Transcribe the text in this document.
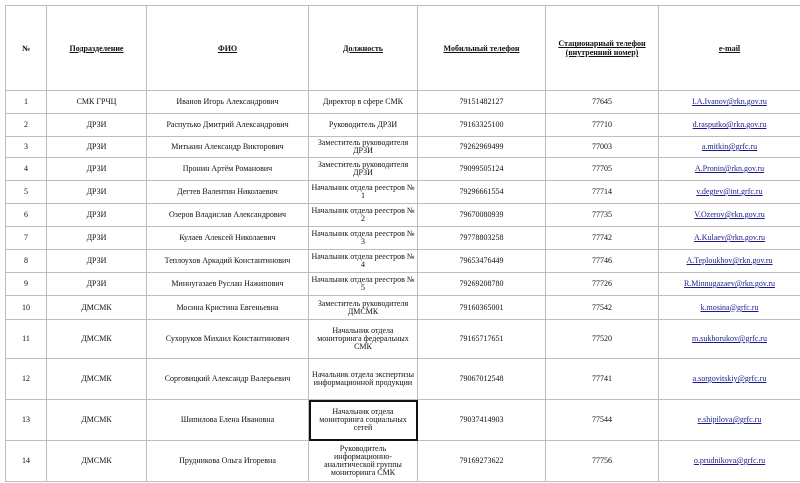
№	Подразделение	ФИО	Должность	Мобильный телефон	Стационарный телефон (внутренний номер)	e-mail
1	СМК ГРЧЦ	Иванов Игорь Александрович	Директор в сфере СМК	79151482127	77645	I.A.Ivanov@rkn.gov.ru
2	ДРЗИ	Распутько Дмитрий Александрович	Руководитель ДРЗИ	79163325100	77710	d.rasputko@rkn.gov.ru
3	ДРЗИ	Митькин Александр Викторович	Заместитель руководителя ДРЗИ	79262969499	77003	a.mitkin@grfc.ru
4	ДРЗИ	Пронин Артём Романович	Заместитель руководителя ДРЗИ	79099505124	77705	A.Pronin@rkn.gov.ru
5	ДРЗИ	Дегтев Валентин Николаевич	Начальник отдела реестров № 1	79296661554	77714	v.degtev@int.grfc.ru
6	ДРЗИ	Озеров Владислав Александрович	Начальник отдела реестров № 2	79670080939	77735	V.Ozerov@rkn.gov.ru
7	ДРЗИ	Кулаев Алексей Николаевич	Начальник отдела реестров № 3	79778803258	77742	A.Kulaev@rkn.gov.ru
8	ДРЗИ	Теплоухов Аркадий Константинович	Начальник отдела реестров № 4	79653476449	77746	A.Teploukhov@rkn.gov.ru
9	ДРЗИ	Миннугазаев Руслан Нажипович	Начальник отдела реестров № 5	79269208780	77726	R.Minnugazaev@rkn.gov.ru
10	ДМСМК	Мосина Кристина Евгеньевна	Заместитель руководителя ДМСМК	79160365001	77542	k.mosina@grfc.ru
11	ДМСМК	Сухоруков Михаил Константинович	Начальник отдела мониторинга федеральных СМК	79165717651	77520	m.sukhorukov@grfc.ru
12	ДМСМК	Сорговицкий Александр Валерьевич	Начальник отдела экспертизы информационной продукции	79067012548	77741	a.sorgovitskiy@grfc.ru
13	ДМСМК	Шипилова Елена Ивановна	Начальник отдела мониторинга социальных сетей	79037414903	77544	e.shipilova@grfc.ru
14	ДМСМК	Прудникова Ольга Игоревна	Руководитель информационно-аналитической группы мониторинга СМК	79169273622	77756	o.prudnikova@grfc.ru
